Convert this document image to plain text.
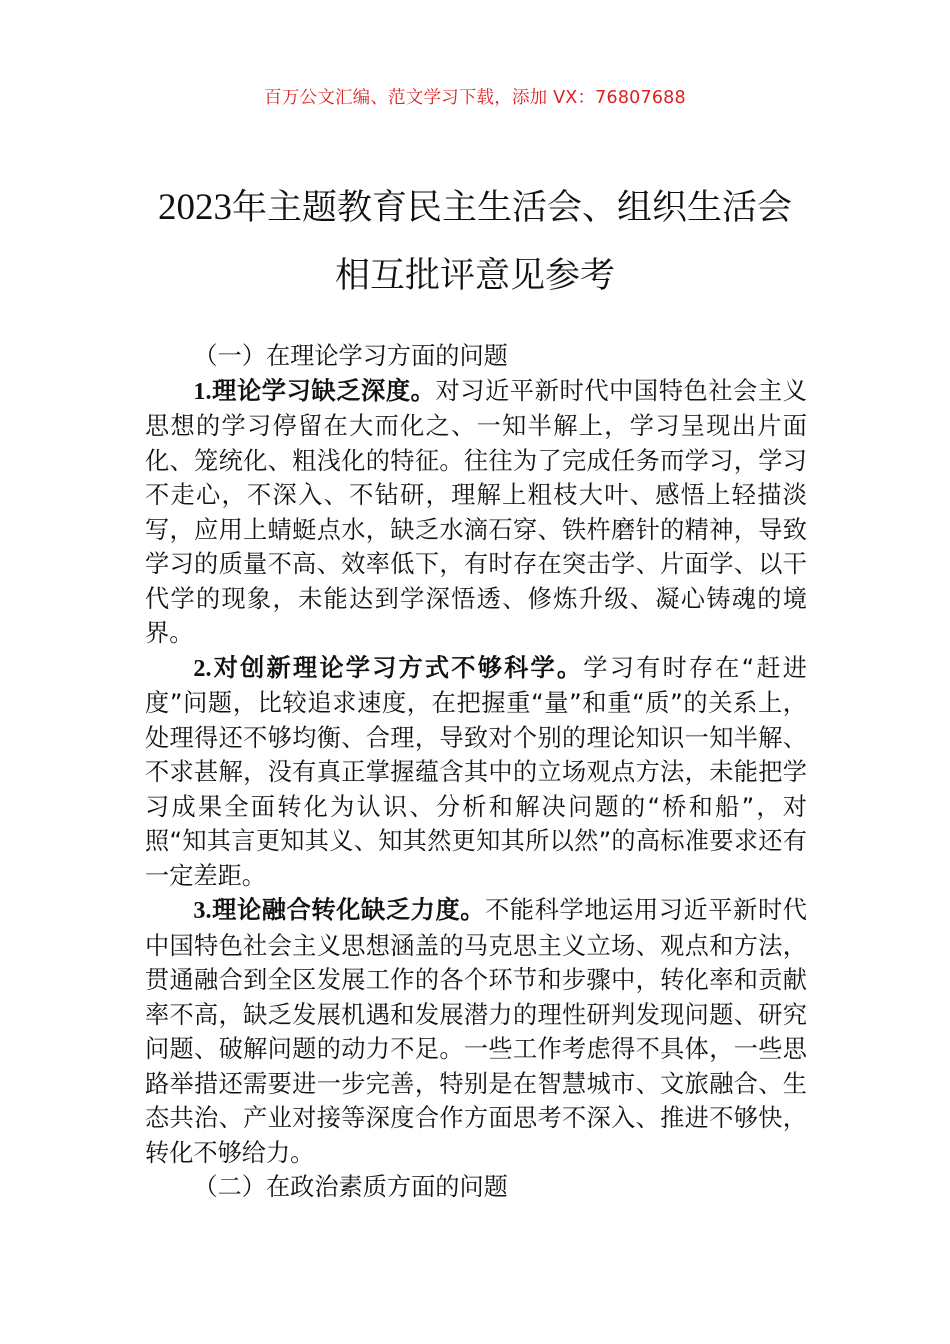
百万公文汇编、范文学习下载，添加 VX：76807688
2023年主题教育民主生活会、组织生活会
相互批评意见参考

（一）在理论学习方面的问题

1.理论学习缺乏深度。对习近平新时代中国特色社会主义思想的学习停留在大而化之、一知半解上，学习呈现出片面化、笼统化、粗浅化的特征。往往为了完成任务而学习，学习不走心，不深入、不钻研，理解上粗枝大叶、感悟上轻描淡写，应用上蜻蜓点水，缺乏水滴石穿、铁杵磨针的精神，导致学习的质量不高、效率低下，有时存在突击学、片面学、以干代学的现象，未能达到学深悟透、修炼升级、凝心铸魂的境界。

2.对创新理论学习方式不够科学。学习有时存在“赶进度”问题，比较追求速度，在把握重“量”和重“质”的关系上，处理得还不够均衡、合理，导致对个别的理论知识一知半解、不求甚解，没有真正掌握蕴含其中的立场观点方法，未能把学习成果全面转化为认识、分析和解决问题的“桥和船”，对照“知其言更知其义、知其然更知其所以然”的高标准要求还有一定差距。

3.理论融合转化缺乏力度。不能科学地运用习近平新时代中国特色社会主义思想涵盖的马克思主义立场、观点和方法，贯通融合到全区发展工作的各个环节和步骤中，转化率和贡献率不高，缺乏发展机遇和发展潜力的理性研判发现问题、研究问题、破解问题的动力不足。一些工作考虑得不具体，一些思路举措还需要进一步完善，特别是在智慧城市、文旅融合、生态共治、产业对接等深度合作方面思考不深入、推进不够快，转化不够给力。

（二）在政治素质方面的问题
